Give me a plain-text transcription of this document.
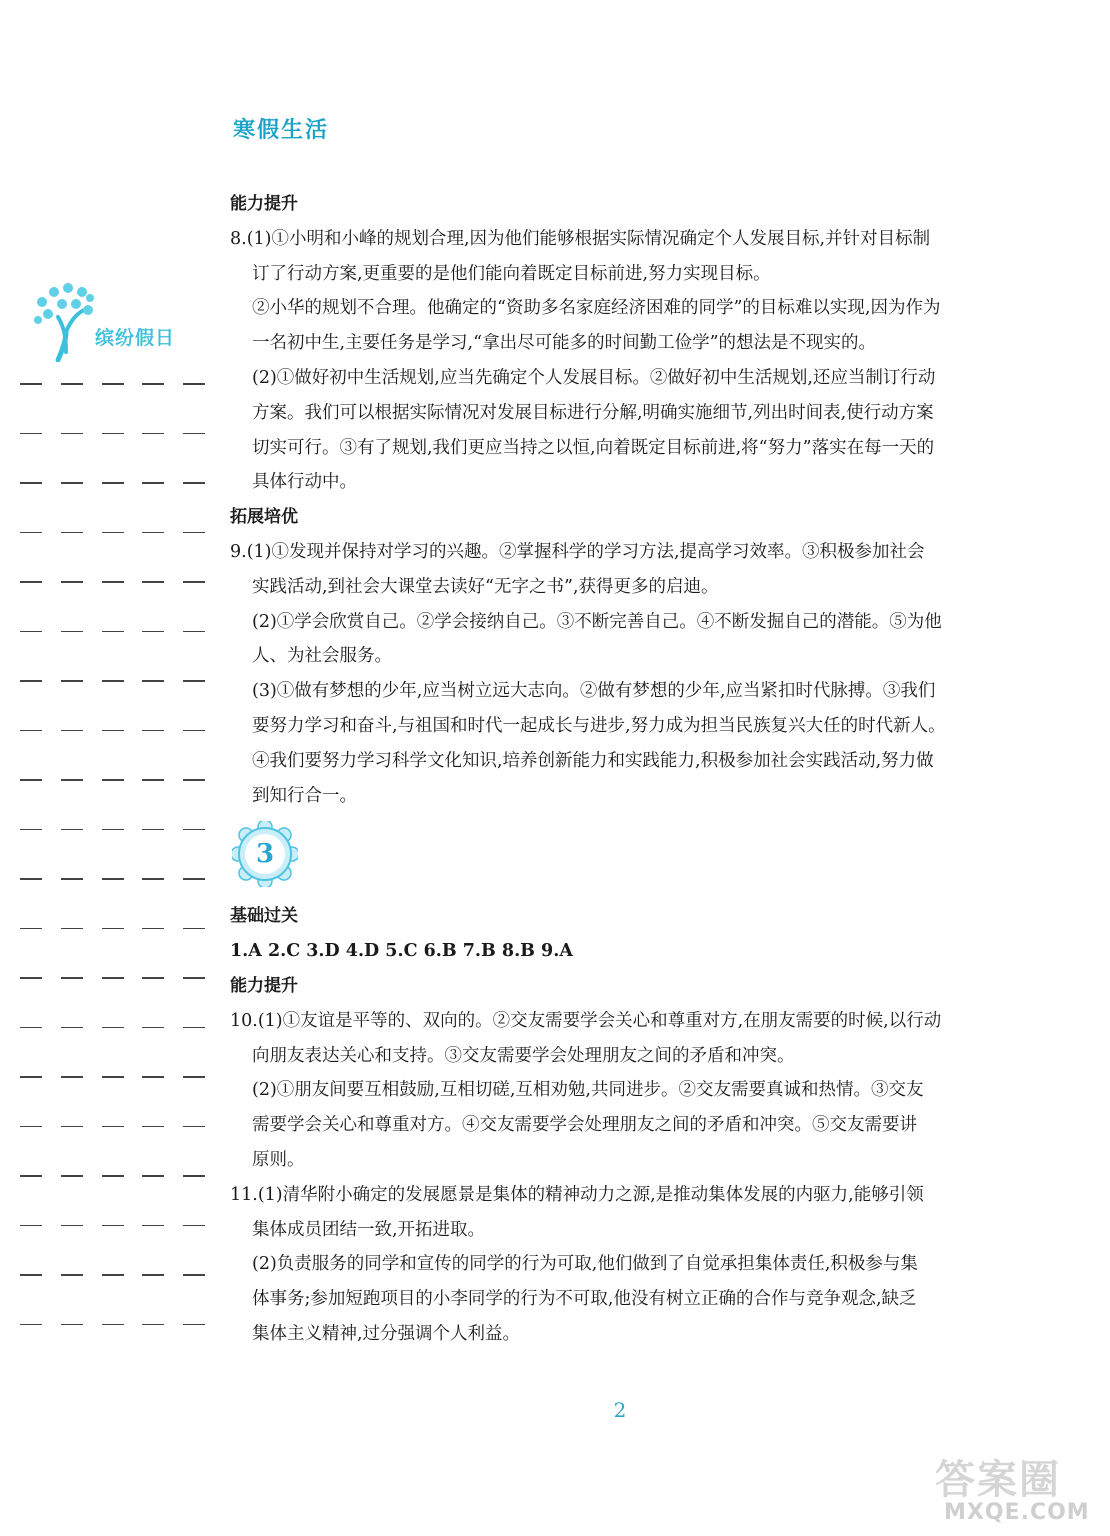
寒假生活
缤纷假日
能力提升
8.(1)①小明和小峰的规划合理,因为他们能够根据实际情况确定个人发展目标,并针对目标制
订了行动方案,更重要的是他们能向着既定目标前进,努力实现目标。
②小华的规划不合理。他确定的“资助多名家庭经济困难的同学”的目标难以实现,因为作为
一名初中生,主要任务是学习,“拿出尽可能多的时间勤工俭学”的想法是不现实的。
(2)①做好初中生活规划,应当先确定个人发展目标。②做好初中生活规划,还应当制订行动
方案。我们可以根据实际情况对发展目标进行分解,明确实施细节,列出时间表,使行动方案
切实可行。③有了规划,我们更应当持之以恒,向着既定目标前进,将“努力”落实在每一天的
具体行动中。
拓展培优
9.(1)①发现并保持对学习的兴趣。②掌握科学的学习方法,提高学习效率。③积极参加社会
实践活动,到社会大课堂去读好“无字之书”,获得更多的启迪。
(2)①学会欣赏自己。②学会接纳自己。③不断完善自己。④不断发掘自己的潜能。⑤为他
人、为社会服务。
(3)①做有梦想的少年,应当树立远大志向。②做有梦想的少年,应当紧扣时代脉搏。③我们
要努力学习和奋斗,与祖国和时代一起成长与进步,努力成为担当民族复兴大任的时代新人。
④我们要努力学习科学文化知识,培养创新能力和实践能力,积极参加社会实践活动,努力做
到知行合一。
3
基础过关
1.A 2.C 3.D 4.D 5.C 6.B 7.B 8.B 9.A
能力提升
10.(1)①友谊是平等的、双向的。②交友需要学会关心和尊重对方,在朋友需要的时候,以行动
向朋友表达关心和支持。③交友需要学会处理朋友之间的矛盾和冲突。
(2)①朋友间要互相鼓励,互相切磋,互相劝勉,共同进步。②交友需要真诚和热情。③交友
需要学会关心和尊重对方。④交友需要学会处理朋友之间的矛盾和冲突。⑤交友需要讲
原则。
11.(1)清华附小确定的发展愿景是集体的精神动力之源,是推动集体发展的内驱力,能够引领
集体成员团结一致,开拓进取。
(2)负责服务的同学和宣传的同学的行为可取,他们做到了自觉承担集体责任,积极参与集
体事务;参加短跑项目的小李同学的行为不可取,他没有树立正确的合作与竞争观念,缺乏
集体主义精神,过分强调个人利益。
2
答案圈
MXQE.COM
